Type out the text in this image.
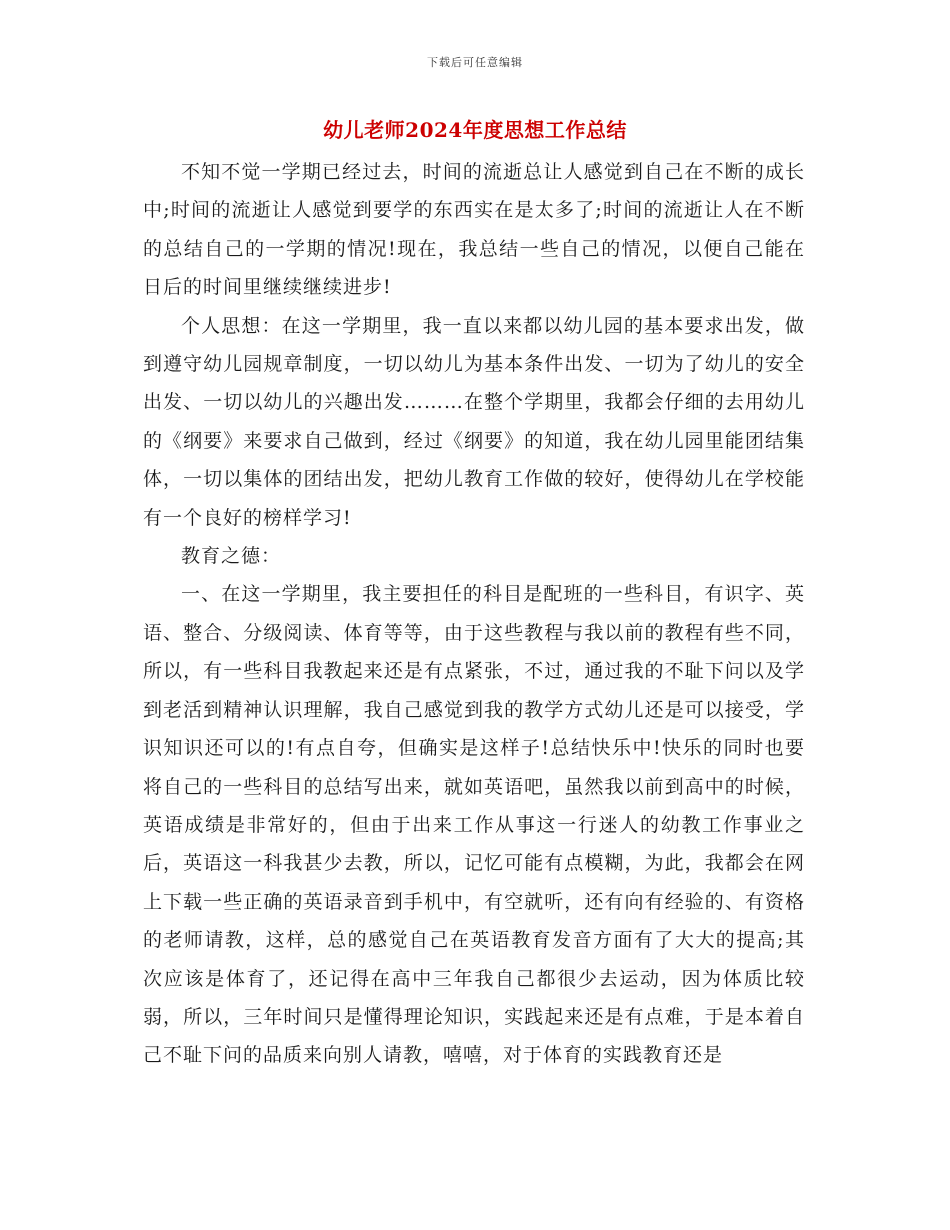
下载后可任意编辑
幼儿老师2024年度思想工作总结

不知不觉一学期已经过去，时间的流逝总让人感觉到自己在不断的成长中;时间的流逝让人感觉到要学的东西实在是太多了;时间的流逝让人在不断的总结自己的一学期的情况!现在，我总结一些自己的情况，以便自己能在日后的时间里继续继续进步!

个人思想：在这一学期里，我一直以来都以幼儿园的基本要求出发，做到遵守幼儿园规章制度，一切以幼儿为基本条件出发、一切为了幼儿的安全出发、一切以幼儿的兴趣出发………在整个学期里，我都会仔细的去用幼儿的《纲要》来要求自己做到，经过《纲要》的知道，我在幼儿园里能团结集体，一切以集体的团结出发，把幼儿教育工作做的较好，使得幼儿在学校能有一个良好的榜样学习!

教育之德：

一、在这一学期里，我主要担任的科目是配班的一些科目，有识字、英语、整合、分级阅读、体育等等，由于这些教程与我以前的教程有些不同，所以，有一些科目我教起来还是有点紧张，不过，通过我的不耻下问以及学到老活到精神认识理解，我自己感觉到我的教学方式幼儿还是可以接受，学识知识还可以的!有点自夸，但确实是这样子!总结快乐中!快乐的同时也要将自己的一些科目的总结写出来，就如英语吧，虽然我以前到高中的时候，英语成绩是非常好的，但由于出来工作从事这一行迷人的幼教工作事业之后，英语这一科我甚少去教，所以，记忆可能有点模糊，为此，我都会在网上下载一些正确的英语录音到手机中，有空就听，还有向有经验的、有资格的老师请教，这样，总的感觉自己在英语教育发音方面有了大大的提高;其次应该是体育了，还记得在高中三年我自己都很少去运动，因为体质比较弱，所以，三年时间只是懂得理论知识，实践起来还是有点难，于是本着自己不耻下问的品质来向别人请教，嘻嘻，对于体育的实践教育还是
